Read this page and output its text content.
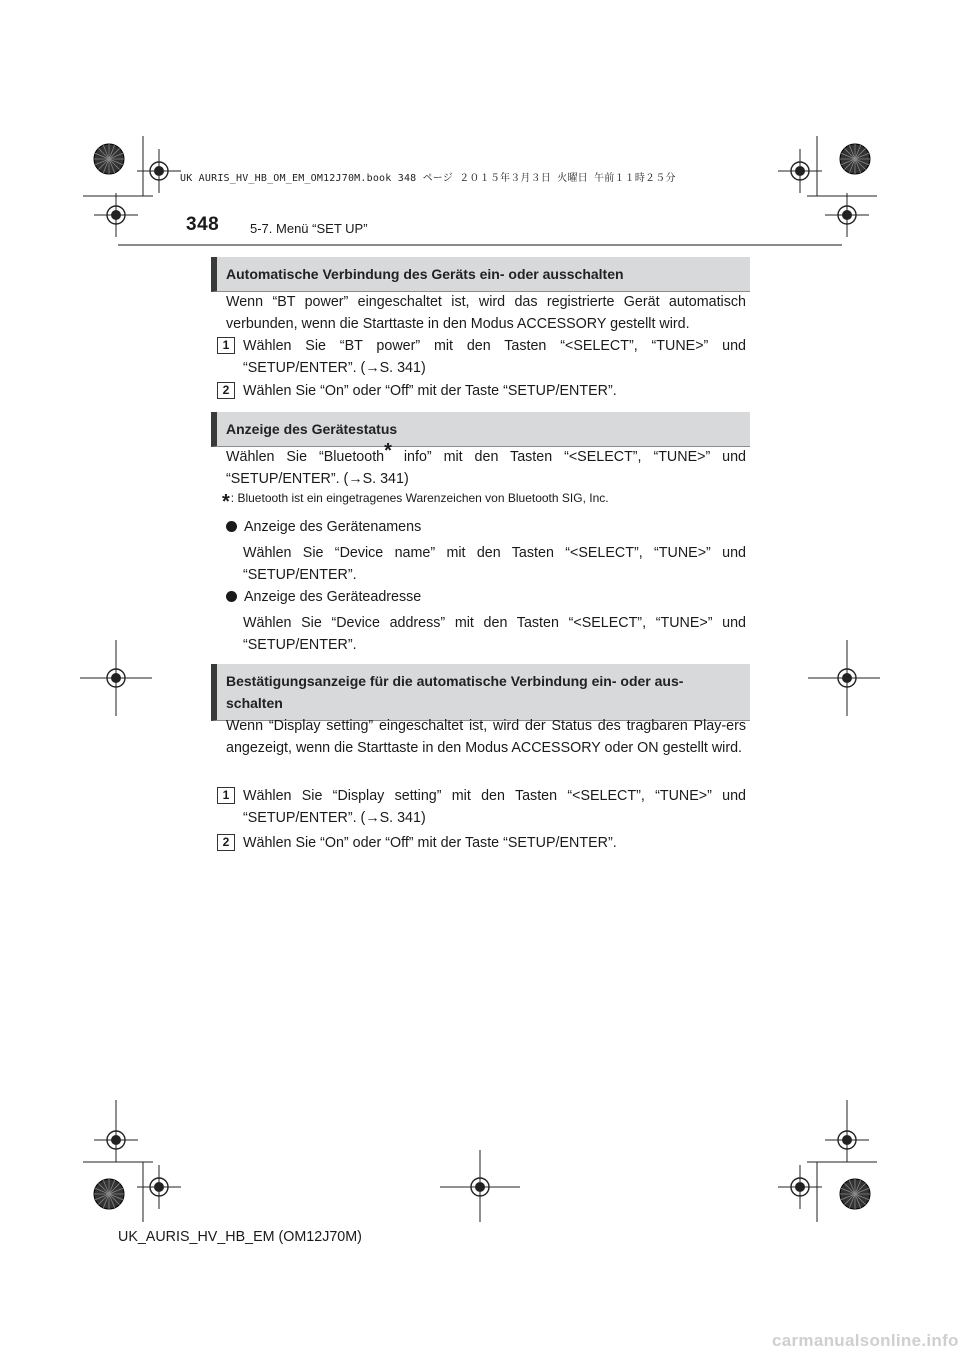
UK AURIS_HV_HB_OM_EM_OM12J70M.book 348 ページ ２０１５年３月３日 火曜日 午前１１時２５分
348 5-7. Menü “SET UP”
Automatische Verbindung des Geräts ein- oder ausschalten
Wenn “BT power” eingeschaltet ist, wird das registrierte Gerät automatisch verbunden, wenn die Starttaste in den Modus ACCESSORY gestellt wird.
1 Wählen Sie “BT power” mit den Tasten “<SELECT”, “TUNE>” und “SETUP/ENTER”. (→S. 341)
2 Wählen Sie “On” oder “Off” mit der Taste “SETUP/ENTER”.
Anzeige des Gerätestatus
Wählen Sie “Bluetooth* info” mit den Tasten “<SELECT”, “TUNE>” und “SETUP/ENTER”. (→S. 341)
*: Bluetooth ist ein eingetragenes Warenzeichen von Bluetooth SIG, Inc.
Anzeige des Gerätenamens
Wählen Sie “Device name” mit den Tasten “<SELECT”, “TUNE>” und “SETUP/ENTER”.
Anzeige des Geräteadresse
Wählen Sie “Device address” mit den Tasten “<SELECT”, “TUNE>” und “SETUP/ENTER”.
Bestätigungsanzeige für die automatische Verbindung ein- oder aus-schalten
Wenn “Display setting” eingeschaltet ist, wird der Status des tragbaren Play-ers angezeigt, wenn die Starttaste in den Modus ACCESSORY oder ON gestellt wird.
1 Wählen Sie “Display setting” mit den Tasten “<SELECT”, “TUNE>” und “SETUP/ENTER”. (→S. 341)
2 Wählen Sie “On” oder “Off” mit der Taste “SETUP/ENTER”.
UK_AURIS_HV_HB_EM (OM12J70M)
carmanualsonline.info
